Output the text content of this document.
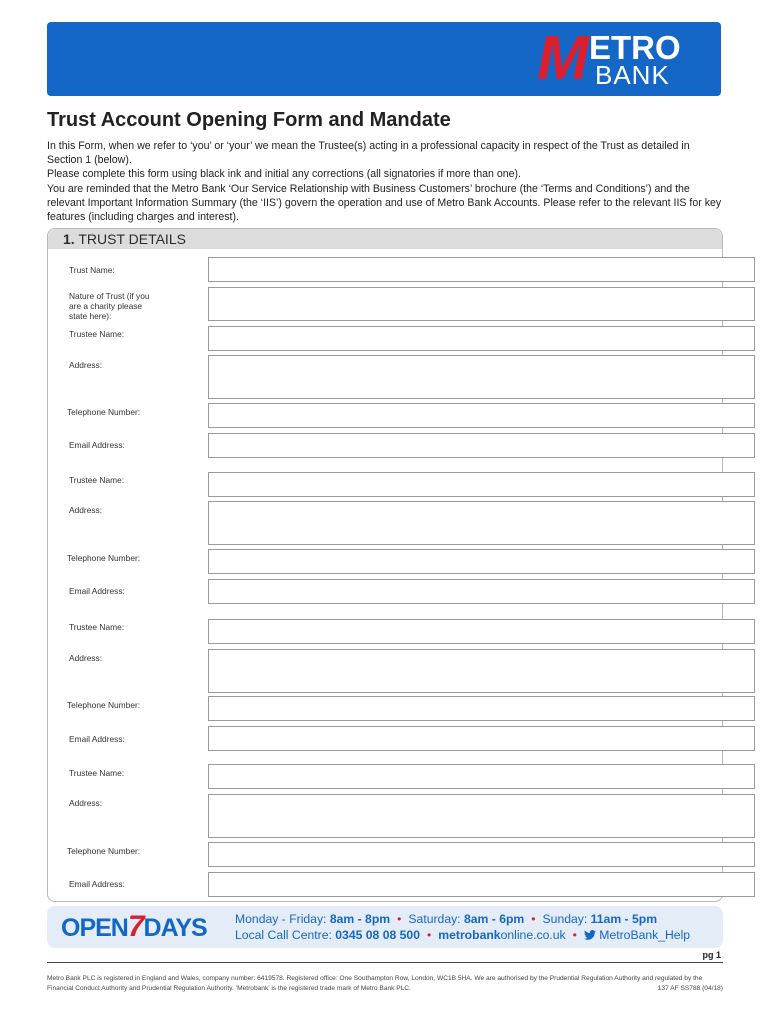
M ETRO
BANK
Trust Account Opening Form and Mandate

In this Form, when we refer to ‘you’ or ‘your’ we mean the Trustee(s) acting in a professional capacity in respect of the Trust as detailed in Section 1 (below).

Please complete this form using black ink and initial any corrections (all signatories if more than one).

You are reminded that the Metro Bank ‘Our Service Relationship with Business Customers’ brochure (the ‘Terms and Conditions’) and the relevant Important Information Summary (the ‘IIS’) govern the operation and use of Metro Bank Accounts. Please refer to the relevant IIS for key features (including charges and interest).

1. TRUST DETAILS
Trust Name:
Nature of Trust (if you are a charity please state here):
Trustee Name:
Address:
Telephone Number:
Email Address:
Trustee Name:
Address:
Telephone Number:
Email Address:
Trustee Name:
Address:
Telephone Number:
Email Address:
Trustee Name:
Address:
Telephone Number:
Email Address:
OPEN7DAYS Monday - Friday: 8am - 8pm • Saturday: 8am - 6pm • Sunday: 11am - 5pm
Local Call Centre: 0345 08 08 500 • metrobankonline.co.uk • MetroBank_Help
pg 1
Metro Bank PLC is registered in England and Wales, company number: 6419578. Registered office: One Southampton Row, London, WC1B 5HA. We are authorised by the Prudential Regulation Authority and regulated by the Financial Conduct Authority and Prudential Regulation Authority. ‘Metrobank’ is the registered trade mark of Metro Bank PLC.	137 AF SS788 (04/18)
